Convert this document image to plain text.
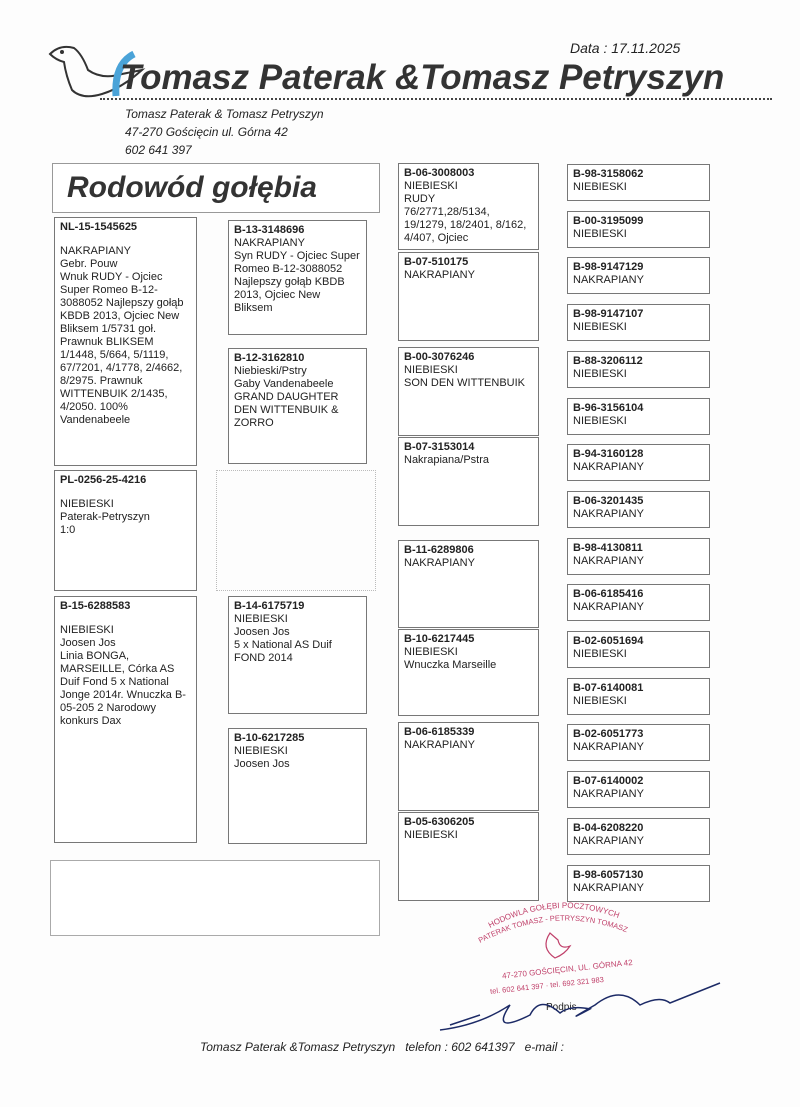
Data : 17.11.2025
Tomasz Paterak &Tomasz Petryszyn
Tomasz Paterak & Tomasz Petryszyn
47-270 Gościęcin ul. Górna 42
602 641 397
Rodowód gołębia
NL-15-1545625
NAKRAPIANY
Gebr. Pouw
Wnuk RUDY - Ojciec Super Romeo B-12-3088052 Najlepszy gołąb KBDB 2013, Ojciec New Bliksem 1/5731 goł. Prawnuk BLIKSEM 1/1448, 5/664, 5/1119, 67/7201, 4/1778, 2/4662, 8/2975. Prawnuk WITTENBUIK 2/1435, 4/2050. 100% Vandenabeele
PL-0256-25-4216
NIEBIESKI
Paterak-Petryszyn
1:0
B-15-6288583
NIEBIESKI
Joosen Jos
Linia BONGA, MARSEILLE, Córka AS Duif Fond 5 x National Jonge 2014r. Wnuczka B-05-205 2 Narodowy konkurs Dax
B-13-3148696
NAKRAPIANY
Syn RUDY - Ojciec Super Romeo B-12-3088052 Najlepszy gołąb KBDB 2013, Ojciec New Bliksem
B-12-3162810
Niebieski/Pstry
Gaby Vandenabeele
GRAND DAUGHTER DEN WITTENBUIK & ZORRO
B-14-6175719
NIEBIESKI
Joosen Jos
5 x National AS Duif FOND 2014
B-10-6217285
NIEBIESKI
Joosen Jos
B-06-3008003
NIEBIESKI
RUDY
76/2771,28/5134, 19/1279, 18/2401, 8/162, 4/407, Ojciec
B-07-510175
NAKRAPIANY
B-00-3076246
NIEBIESKI
SON DEN WITTENBUIK
B-07-3153014
Nakrapiana/Pstra
B-11-6289806
NAKRAPIANY
B-10-6217445
NIEBIESKI
Wnuczka Marseille
B-06-6185339
NAKRAPIANY
B-05-6306205
NIEBIESKI
B-98-3158062
NIEBIESKI
B-00-3195099
NIEBIESKI
B-98-9147129
NAKRAPIANY
B-98-9147107
NIEBIESKI
B-88-3206112
NIEBIESKI
B-96-3156104
NIEBIESKI
B-94-3160128
NAKRAPIANY
B-06-3201435
NAKRAPIANY
B-98-4130811
NAKRAPIANY
B-06-6185416
NAKRAPIANY
B-02-6051694
NIEBIESKI
B-07-6140081
NIEBIESKI
B-02-6051773
NAKRAPIANY
B-07-6140002
NAKRAPIANY
B-04-6208220
NAKRAPIANY
B-98-6057130
NAKRAPIANY
HODOWLA GOŁĘBI POCZTOWYCH
PATERAK TOMASZ - PETRYSZYN TOMASZ
47-270 GOŚCIĘCIN, UL. GÓRNA 42
tel. 602 641 397 · tel. 692 321 983
Podpis
Tomasz Paterak &Tomasz Petryszyn   telefon : 602 641397   e-mail :
